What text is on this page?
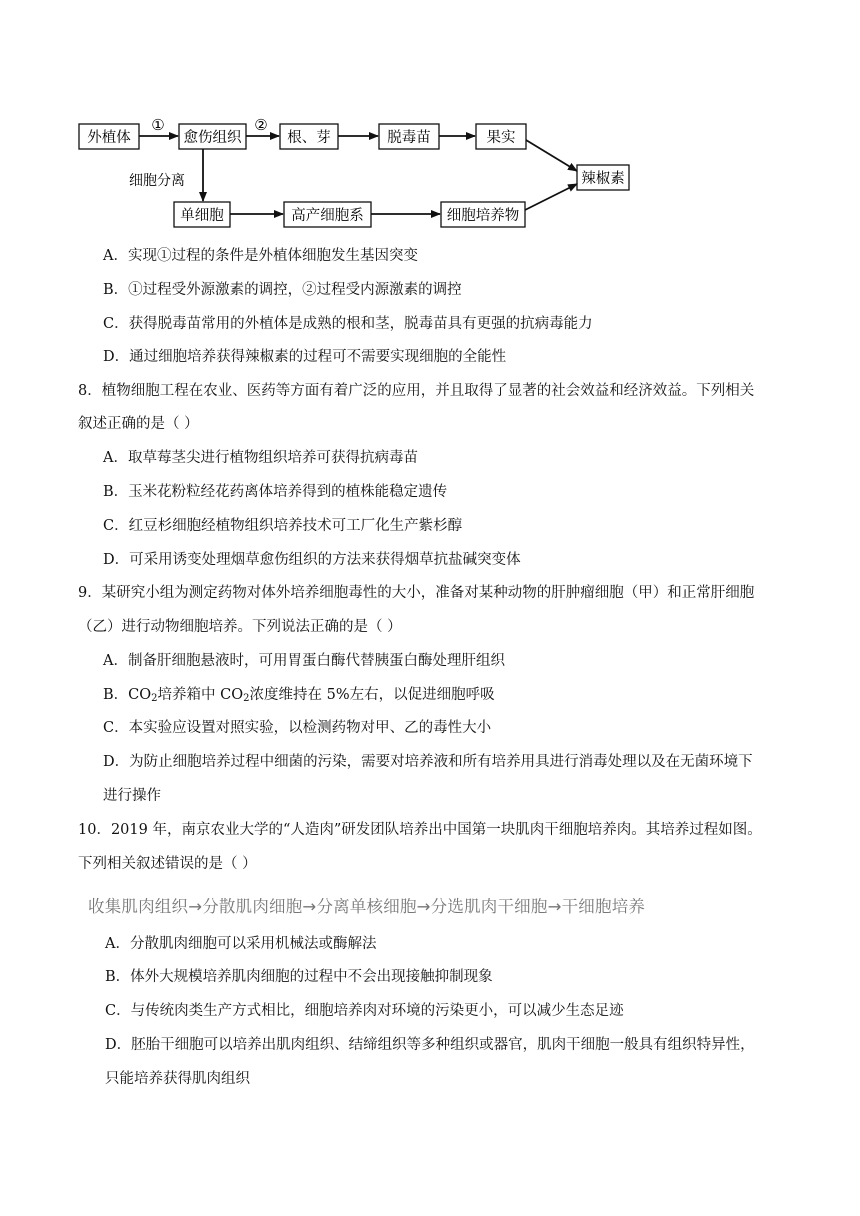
外植体	愈伤组织	根、芽	脱毒苗	果实
辣椒素
单细胞	高产细胞系	细胞培养物
①	②
细胞分离
A．实现①过程的条件是外植体细胞发生基因突变
B．①过程受外源激素的调控，②过程受内源激素的调控
C．获得脱毒苗常用的外植体是成熟的根和茎，脱毒苗具有更强的抗病毒能力
D．通过细胞培养获得辣椒素的过程可不需要实现细胞的全能性
8．植物细胞工程在农业、医药等方面有着广泛的应用，并且取得了显著的社会效益和经济效益。下列相关
叙述正确的是（ ）
A．取草莓茎尖进行植物组织培养可获得抗病毒苗
B．玉米花粉粒经花药离体培养得到的植株能稳定遗传
C．红豆杉细胞经植物组织培养技术可工厂化生产紫杉醇
D．可采用诱变处理烟草愈伤组织的方法来获得烟草抗盐碱突变体
9．某研究小组为测定药物对体外培养细胞毒性的大小，准备对某种动物的肝肿瘤细胞（甲）和正常肝细胞
（乙）进行动物细胞培养。下列说法正确的是（ ）
A．制备肝细胞悬液时，可用胃蛋白酶代替胰蛋白酶处理肝组织
B．$CO_2$培养箱中 $CO_2$浓度维持在 5%左右，以促进细胞呼吸
C．本实验应设置对照实验，以检测药物对甲、乙的毒性大小
D．为防止细胞培养过程中细菌的污染，需要对培养液和所有培养用具进行消毒处理以及在无菌环境下
进行操作
10．2019 年，南京农业大学的“人造肉”研发团队培养出中国第一块肌肉干细胞培养肉。其培养过程如图。
下列相关叙述错误的是（ ）
收集肌肉组织→分散肌肉细胞→分离单核细胞→分选肌肉干细胞→干细胞培养
A．分散肌肉细胞可以采用机械法或酶解法
B．体外大规模培养肌肉细胞的过程中不会出现接触抑制现象
C．与传统肉类生产方式相比，细胞培养肉对环境的污染更小，可以减少生态足迹
D．胚胎干细胞可以培养出肌肉组织、结缔组织等多种组织或器官，肌肉干细胞一般具有组织特异性，
只能培养获得肌肉组织
